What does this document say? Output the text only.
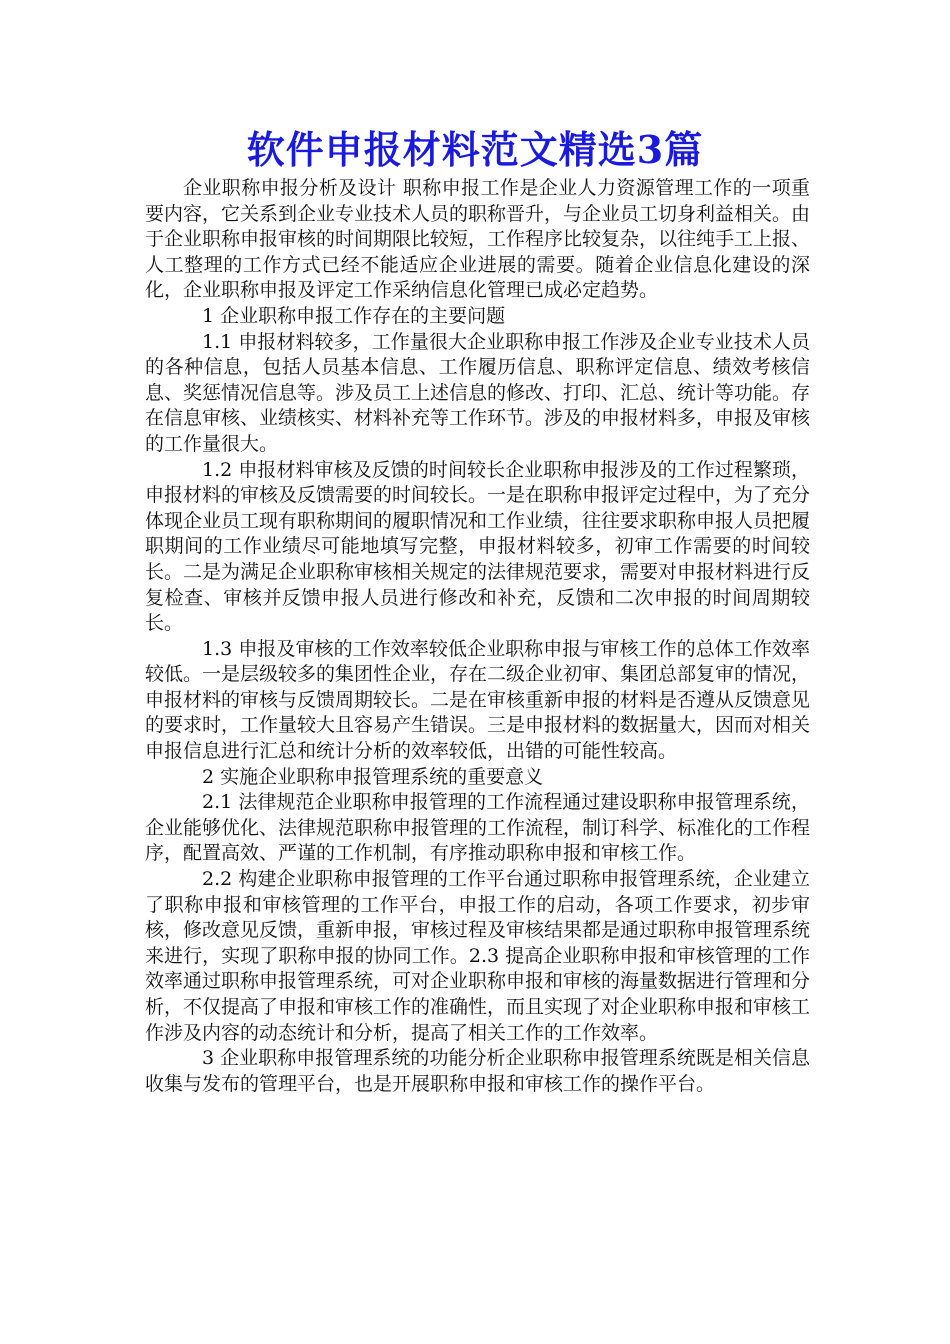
软件申报材料范文精选3篇

企业职称申报分析及设计 职称申报工作是企业人力资源管理工作的一项重要内容，它关系到企业专业技术人员的职称晋升，与企业员工切身利益相关。由于企业职称申报审核的时间期限比较短，工作程序比较复杂，以往纯手工上报、人工整理的工作方式已经不能适应企业进展的需要。随着企业信息化建设的深化，企业职称申报及评定工作采纳信息化管理已成必定趋势。

1 企业职称申报工作存在的主要问题

1.1 申报材料较多，工作量很大企业职称申报工作涉及企业专业技术人员的各种信息，包括人员基本信息、工作履历信息、职称评定信息、绩效考核信息、奖惩情况信息等。涉及员工上述信息的修改、打印、汇总、统计等功能。存在信息审核、业绩核实、材料补充等工作环节。涉及的申报材料多，申报及审核的工作量很大。

1.2 申报材料审核及反馈的时间较长企业职称申报涉及的工作过程繁琐，申报材料的审核及反馈需要的时间较长。一是在职称申报评定过程中，为了充分体现企业员工现有职称期间的履职情况和工作业绩，往往要求职称申报人员把履职期间的工作业绩尽可能地填写完整，申报材料较多，初审工作需要的时间较长。二是为满足企业职称审核相关规定的法律规范要求，需要对申报材料进行反复检查、审核并反馈申报人员进行修改和补充，反馈和二次申报的时间周期较长。

1.3 申报及审核的工作效率较低企业职称申报与审核工作的总体工作效率较低。一是层级较多的集团性企业，存在二级企业初审、集团总部复审的情况，申报材料的审核与反馈周期较长。二是在审核重新申报的材料是否遵从反馈意见的要求时，工作量较大且容易产生错误。三是申报材料的数据量大，因而对相关申报信息进行汇总和统计分析的效率较低，出错的可能性较高。

2 实施企业职称申报管理系统的重要意义

2.1 法律规范企业职称申报管理的工作流程通过建设职称申报管理系统，企业能够优化、法律规范职称申报管理的工作流程，制订科学、标准化的工作程序，配置高效、严谨的工作机制，有序推动职称申报和审核工作。

2.2 构建企业职称申报管理的工作平台通过职称申报管理系统，企业建立了职称申报和审核管理的工作平台，申报工作的启动，各项工作要求，初步审核，修改意见反馈，重新申报，审核过程及审核结果都是通过职称申报管理系统来进行，实现了职称申报的协同工作。2.3 提高企业职称申报和审核管理的工作效率通过职称申报管理系统，可对企业职称申报和审核的海量数据进行管理和分析，不仅提高了申报和审核工作的准确性，而且实现了对企业职称申报和审核工作涉及内容的动态统计和分析，提高了相关工作的工作效率。

3 企业职称申报管理系统的功能分析企业职称申报管理系统既是相关信息收集与发布的管理平台，也是开展职称申报和审核工作的操作平台。
